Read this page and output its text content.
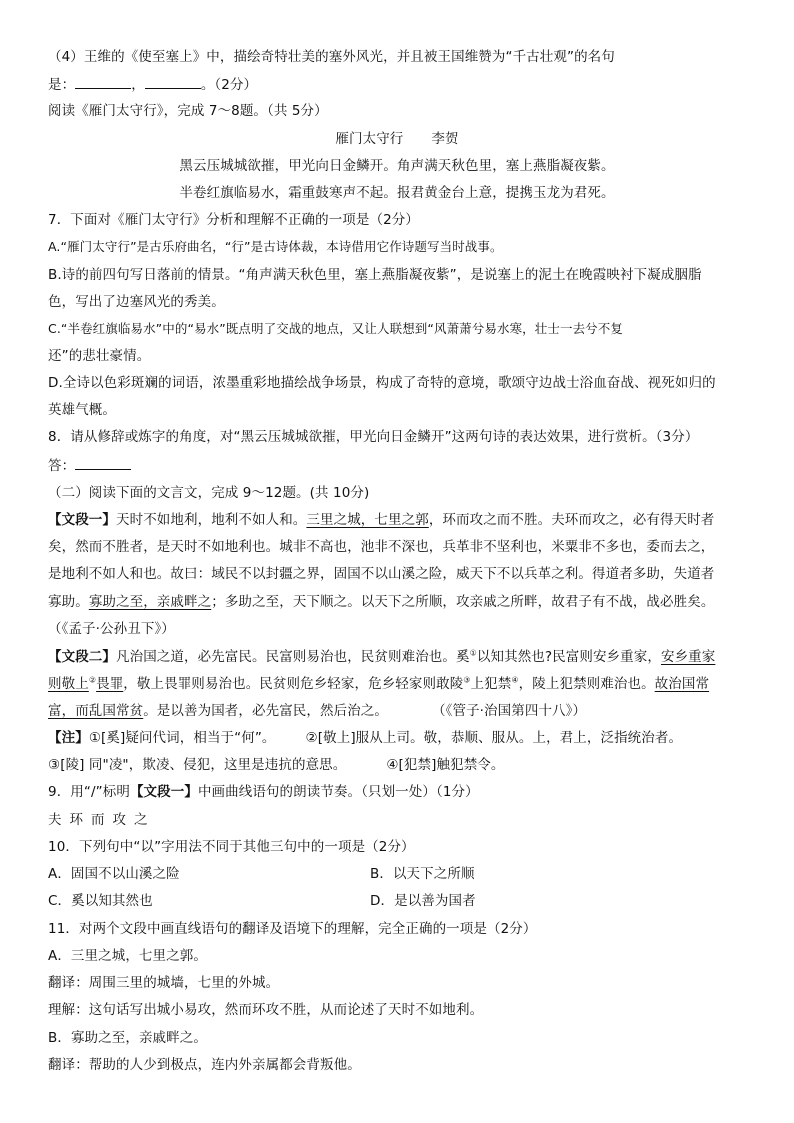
（4）王维的《使至塞上》中，描绘奇特壮美的塞外风光，并且被王国维赞为“千古壮观”的名句
是：	，	。（2分）
阅读《雁门太守行》，完成 7～8题。（共 5分）
雁门太守行 李贺
黑云压城城欲摧，甲光向日金鳞开。角声满天秋色里，塞上燕脂凝夜紫。
半卷红旗临易水，霜重鼓寒声不起。报君黄金台上意，提携玉龙为君死。
7．下面对《雁门太守行》分析和理解不正确的一项是（2分）
A.“雁门太守行”是古乐府曲名，“行”是古诗体裁，本诗借用它作诗题写当时战事。
B.诗的前四句写日落前的情景。“角声满天秋色里，塞上燕脂凝夜紫”，是说塞上的泥土在晚霞映衬下凝成胭脂
色，写出了边塞风光的秀美。
C.“半卷红旗临易水”中的“易水”既点明了交战的地点，又让人联想到“风萧萧兮易水寒，壮士一去兮不复
还”的悲壮豪情。
D.全诗以色彩斑斓的词语，浓墨重彩地描绘战争场景，构成了奇特的意境，歌颂守边战士浴血奋战、视死如归的
英雄气概。
8．请从修辞或炼字的角度，对“黑云压城城欲摧，甲光向日金鳞开”这两句诗的表达效果，进行赏析。（3分）
答：
（二）阅读下面的文言文，完成 9～12题。(共 10分)
【文段一】天时不如地利，地利不如人和。三里之城，七里之郭，环而攻之而不胜。夫环而攻之，必有得天时者
矣，然而不胜者，是天时不如地利也。城非不高也，池非不深也，兵革非不坚利也，米粟非不多也，委而去之，
是地利不如人和也。故曰：域民不以封疆之界，固国不以山溪之险，威天下不以兵革之利。得道者多助，失道者
寡助。寡助之至，亲戚畔之；多助之至，天下顺之。以天下之所顺，攻亲戚之所畔，故君子有不战，战必胜矣。
（《孟子·公孙丑下》）
【文段二】凡治国之道，必先富民。民富则易治也，民贫则难治也。奚①以知其然也?民富则安乡重家，安乡重家
则敬上②畏罪，敬上畏罪则易治也。民贫则危乡轻家，危乡轻家则敢陵③上犯禁④，陵上犯禁则难治也。故治国常
富，而乱国常贫。是以善为国者，必先富民，然后治之。	（《管子·治国第四十八》）
【注】①[奚]疑问代词，相当于“何”。 ②[敬上]服从上司。敬，恭顺、服从。上，君上，泛指统治者。
③[陵] 同"凌"，欺凌、侵犯，这里是违抗的意思。	④[犯禁]触犯禁令。
9．用“/”标明【文段一】中画曲线语句的朗读节奏。（只划一处）（1分）
夫环而攻之
10．下列句中“以”字用法不同于其他三句中的一项是（2分）
A．固国不以山溪之险	B．以天下之所顺
C．奚以知其然也	D．是以善为国者
11．对两个文段中画直线语句的翻译及语境下的理解，完全正确的一项是（2分）
A．三里之城，七里之郭。
翻译：周围三里的城墙，七里的外城。
理解：这句话写出城小易攻，然而环攻不胜，从而论述了天时不如地利。
B．寡助之至，亲戚畔之。
翻译：帮助的人少到极点，连内外亲属都会背叛他。
